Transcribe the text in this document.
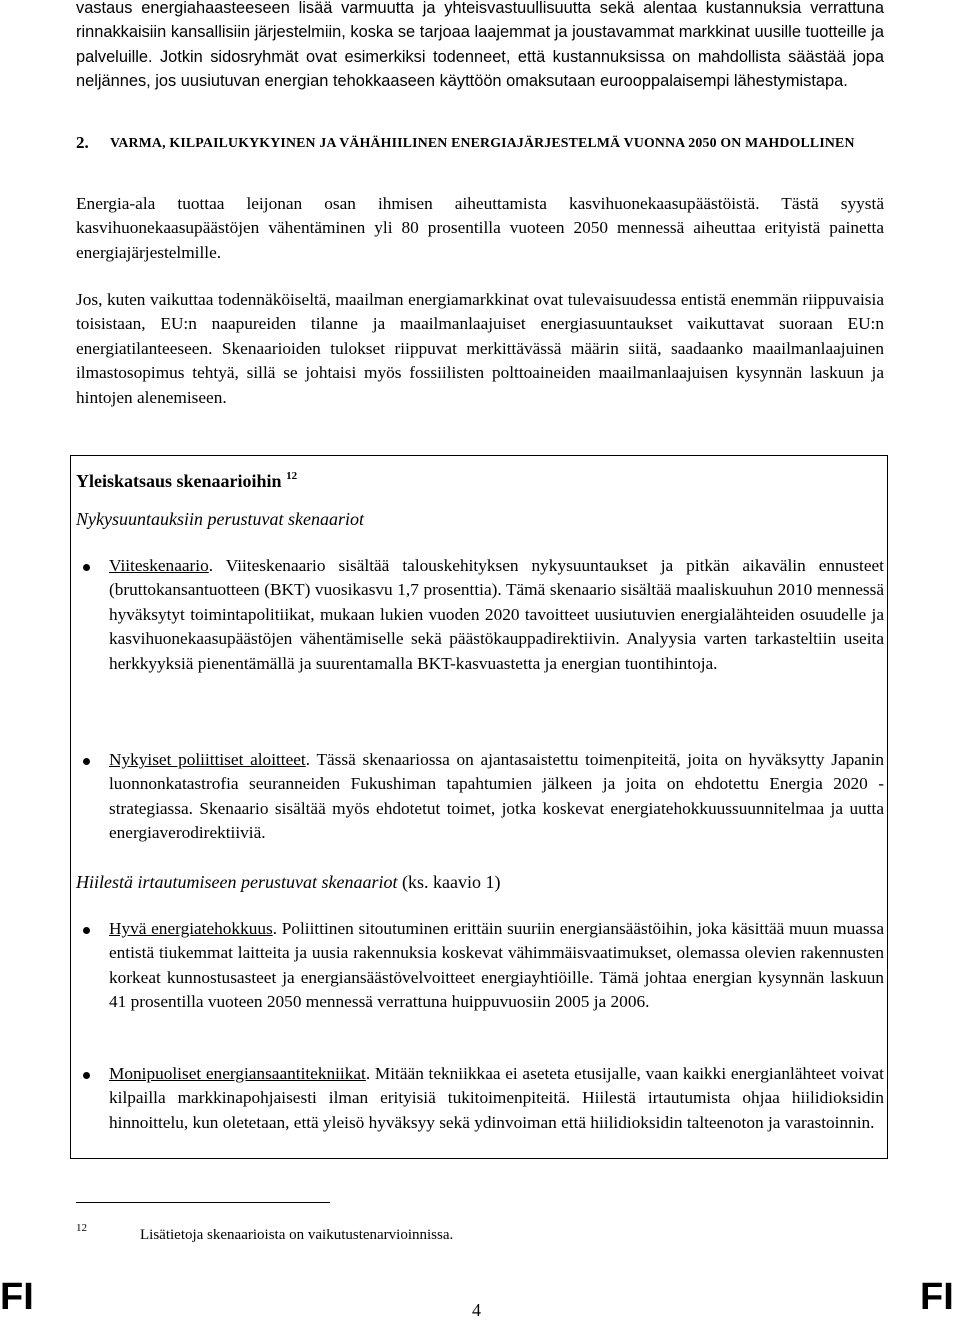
vastaus energiahaasteeseen lisää varmuutta ja yhteisvastuullisuutta sekä alentaa kustannuksia verrattuna rinnakkaisiin kansallisiin järjestelmiin, koska se tarjoaa laajemmat ja joustavammat markkinat uusille tuotteille ja palveluille. Jotkin sidosryhmät ovat esimerkiksi todenneet, että kustannuksissa on mahdollista säästää jopa neljännes, jos uusiutuvan energian tehokkaaseen käyttöön omaksutaan eurooppalaisempi lähestymistapa.

2.	VARMA, KILPAILUKYKYINEN JA VÄHÄHIILINEN ENERGIAJÄRJESTELMÄ VUONNA 2050 ON MAHDOLLINEN

Energia-ala tuottaa leijonan osan ihmisen aiheuttamista kasvihuonekaasupäästöistä. Tästä syystä kasvihuonekaasupäästöjen vähentäminen yli 80 prosentilla vuoteen 2050 mennessä aiheuttaa erityistä painetta energiajärjestelmille.

Jos, kuten vaikuttaa todennäköiseltä, maailman energiamarkkinat ovat tulevaisuudessa entistä enemmän riippuvaisia toisistaan, EU:n naapureiden tilanne ja maailmanlaajuiset energiasuuntaukset vaikuttavat suoraan EU:n energiatilanteeseen. Skenaarioiden tulokset riippuvat merkittävässä määrin siitä, saadaanko maailmanlaajuinen ilmastosopimus tehtyä, sillä se johtaisi myös fossiilisten polttoaineiden maailmanlaajuisen kysynnän laskuun ja hintojen alenemiseen.

Yleiskatsaus skenaarioihin $^{12}$

Nykysuuntauksiin perustuvat skenaariot

Viiteskenaario. Viiteskenaario sisältää talouskehityksen nykysuuntaukset ja pitkän aikavälin ennusteet (bruttokansantuotteen (BKT) vuosikasvu 1,7 prosenttia). Tämä skenaario sisältää maaliskuuhun 2010 mennessä hyväksytyt toimintapolitiikat, mukaan lukien vuoden 2020 tavoitteet uusiutuvien energialähteiden osuudelle ja kasvihuonekaasupäästöjen vähentämiselle sekä päästökauppadirektiivin. Analyysia varten tarkasteltiin useita herkkyyksiä pienentämällä ja suurentamalla BKT-kasvuastetta ja energian tuontihintoja.
Nykyiset poliittiset aloitteet. Tässä skenaariossa on ajantasaistettu toimenpiteitä, joita on hyväksytty Japanin luonnonkatastrofia seuranneiden Fukushiman tapahtumien jälkeen ja joita on ehdotettu Energia 2020 -strategiassa. Skenaario sisältää myös ehdotetut toimet, jotka koskevat energiatehokkuussuunnitelmaa ja uutta energiaverodirektiiviä.

Hiilestä irtautumiseen perustuvat skenaariot (ks. kaavio 1)

Hyvä energiatehokkuus. Poliittinen sitoutuminen erittäin suuriin energiansäästöihin, joka käsittää muun muassa entistä tiukemmat laitteita ja uusia rakennuksia koskevat vähimmäisvaatimukset, olemassa olevien rakennusten korkeat kunnostusasteet ja energiansäästövelvoitteet energiayhtiöille. Tämä johtaa energian kysynnän laskuun 41 prosentilla vuoteen 2050 mennessä verrattuna huippuvuosiin 2005 ja 2006.
Monipuoliset energiansaantitekniikat. Mitään tekniikkaa ei aseteta etusijalle, vaan kaikki energianlähteet voivat kilpailla markkinapohjaisesti ilman erityisiä tukitoimenpiteitä. Hiilestä irtautumista ohjaa hiilidioksidin hinnoittelu, kun oletetaan, että yleisö hyväksyy sekä ydinvoiman että hiilidioksidin talteenoton ja varastoinnin.
12	Lisätietoja skenaarioista on vaikutustenarvioinnissa.
FI	4	FI
